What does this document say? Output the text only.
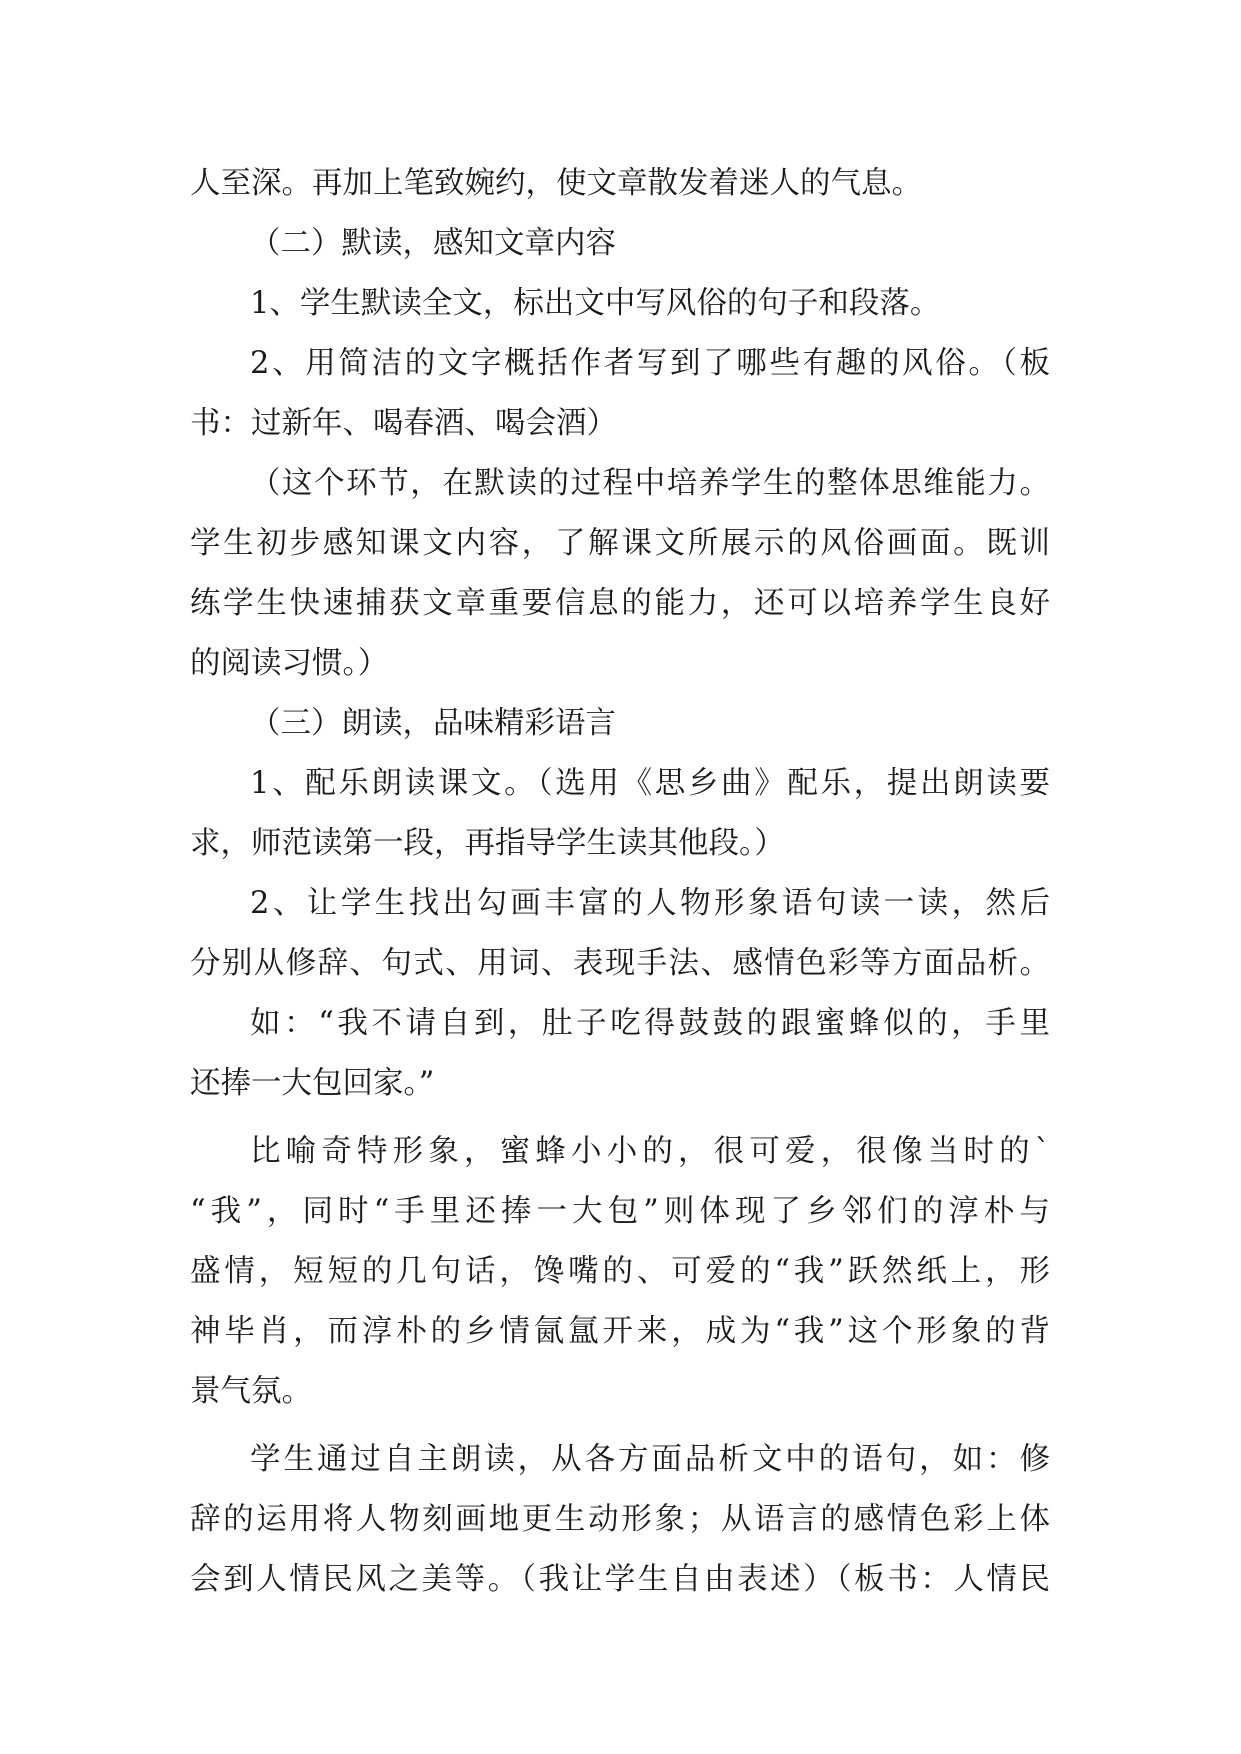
人至深。再加上笔致婉约，使文章散发着迷人的气息。
（二）默读，感知文章内容
1、学生默读全文，标出文中写风俗的句子和段落。
2、用简洁的文字概括作者写到了哪些有趣的风俗。（板
书：过新年、喝春酒、喝会酒）
（这个环节，在默读的过程中培养学生的整体思维能力。
学生初步感知课文内容，了解课文所展示的风俗画面。既训
练学生快速捕获文章重要信息的能力，还可以培养学生良好
的阅读习惯。）
（三）朗读，品味精彩语言
1、配乐朗读课文。（选用《思乡曲》配乐，提出朗读要
求，师范读第一段，再指导学生读其他段。）
2、让学生找出勾画丰富的人物形象语句读一读，然后
分别从修辞、句式、用词、表现手法、感情色彩等方面品析。
如：“我不请自到，肚子吃得鼓鼓的跟蜜蜂似的，手里
还捧一大包回家。”
比喻奇特形象，蜜蜂小小的，很可爱，很像当时的`
“我”，同时“手里还捧一大包”则体现了乡邻们的淳朴与
盛情，短短的几句话，馋嘴的、可爱的“我”跃然纸上，形
神毕肖，而淳朴的乡情氤氲开来，成为“我”这个形象的背
景气氛。
学生通过自主朗读，从各方面品析文中的语句，如：修
辞的运用将人物刻画地更生动形象；从语言的感情色彩上体
会到人情民风之美等。（我让学生自由表述）（板书：人情民
